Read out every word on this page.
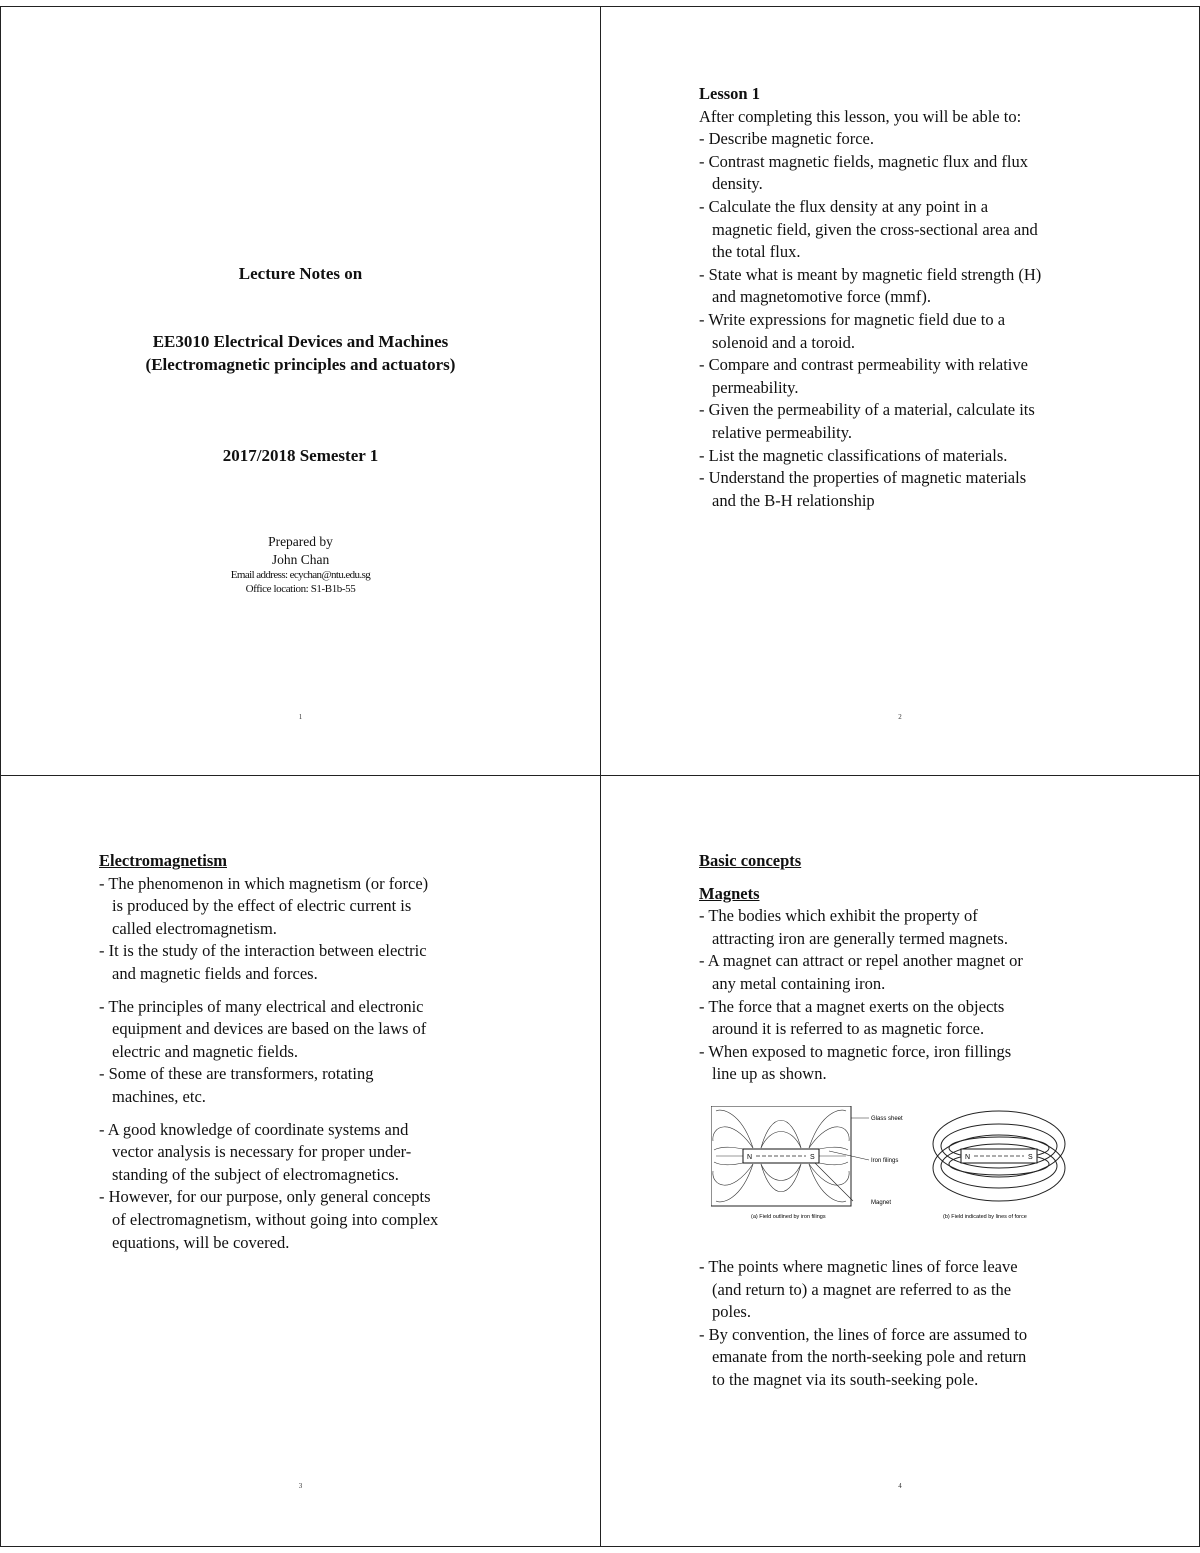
Lecture Notes on
EE3010 Electrical Devices and Machines
(Electromagnetic principles and actuators)
2017/2018 Semester 1
Prepared by
John Chan
Email address: ecychan@ntu.edu.sg
Office location: S1-B1b-55
1
Lesson 1
After completing this lesson, you will be able to:
- Describe magnetic force.
- Contrast magnetic fields, magnetic flux and flux
density.
- Calculate the flux density at any point in a
magnetic field, given the cross-sectional area and
the total flux.
- State what is meant by magnetic field strength (H)
and magnetomotive force (mmf).
- Write expressions for magnetic field due to a
solenoid and a toroid.
- Compare and contrast permeability with relative
permeability.
- Given the permeability of a material, calculate its
relative permeability.
- List the magnetic classifications of materials.
- Understand the properties of magnetic materials
and the B-H relationship
2
Electromagnetism
- The phenomenon in which magnetism (or force)
is produced by the effect of electric current is
called electromagnetism.
- It is the study of the interaction between electric
and magnetic fields and forces.
- The principles of many electrical and electronic
equipment and devices are based on the laws of
electric and magnetic fields.
- Some of these are transformers, rotating
machines, etc.
- A good knowledge of coordinate systems and
vector analysis is necessary for proper under-
standing of the subject of electromagnetics.
- However, for our purpose, only general concepts
of electromagnetism, without going into complex
equations, will be covered.
3
Basic concepts
Magnets
- The bodies which exhibit the property of
attracting iron are generally termed magnets.
- A magnet can attract or repel another magnet or
any metal containing iron.
- The force that a magnet exerts on the objects
around it is referred to as magnetic force.
- When exposed to magnetic force, iron fillings
line up as shown.
N	S
Glass sheet
Iron filings
Magnet
(a) Field outlined by iron filings
N	S
(b) Field indicated by lines of force
- The points where magnetic lines of force leave
(and return to) a magnet are referred to as the
poles.
- By convention, the lines of force are assumed to
emanate from the north-seeking pole and return
to the magnet via its south-seeking pole.
4
